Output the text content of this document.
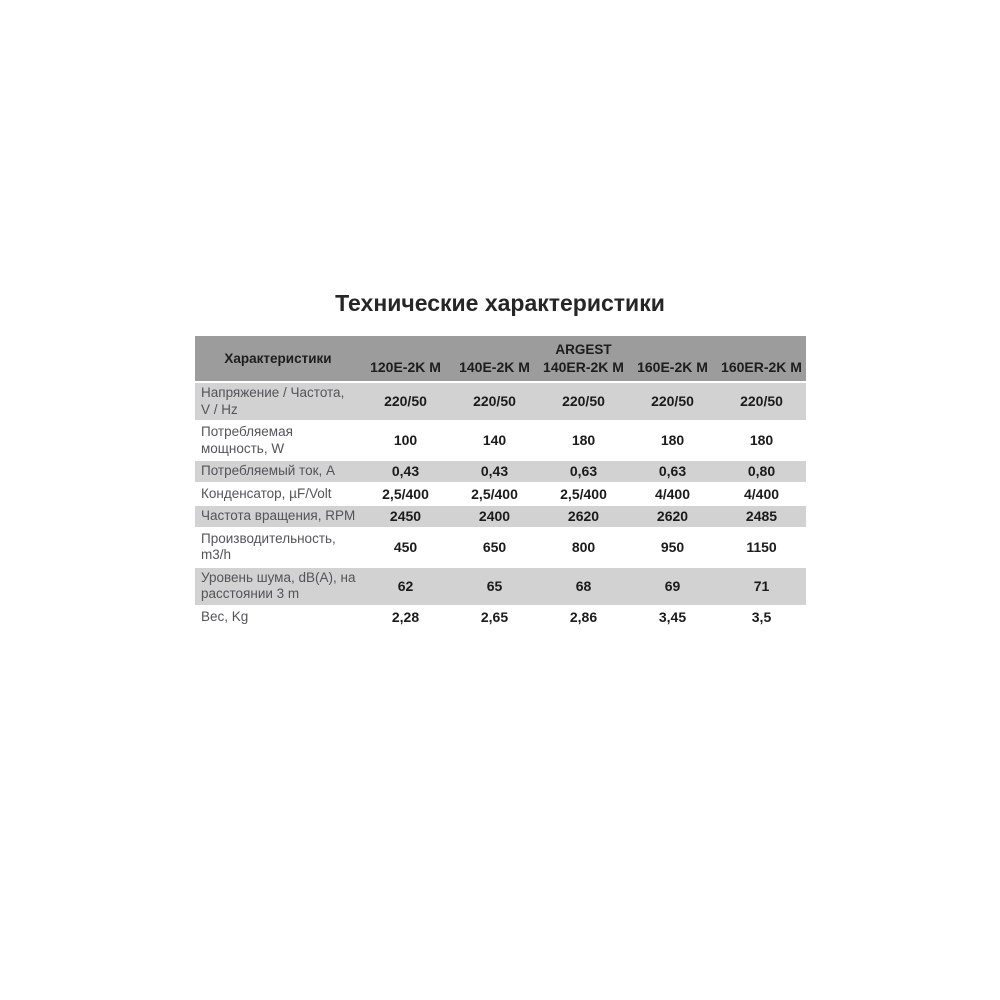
Технические характеристики
Характеристики	ARGEST				
	120E-2K M	140E-2K M	140ER-2K M	160E-2K M	160ER-2K M
Напряжение / Частота, V / Hz	220/50	220/50	220/50	220/50	220/50
Потребляемая мощность, W	100	140	180	180	180
Потребляемый ток, A	0,43	0,43	0,63	0,63	0,80
Конденсатор, µF/Volt	2,5/400	2,5/400	2,5/400	4/400	4/400
Частота вращения, RPM	2450	2400	2620	2620	2485
Производительность, m3/h	450	650	800	950	1150
Уровень шума, dB(A), на расстоянии 3 m	62	65	68	69	71
Вес, Kg	2,28	2,65	2,86	3,45	3,5
